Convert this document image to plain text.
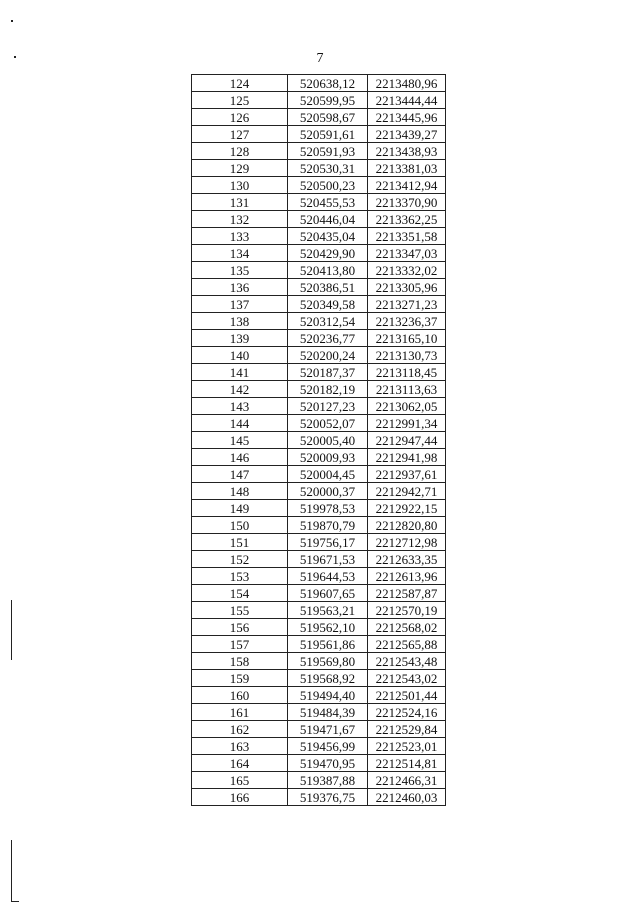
7
124	520638,12	2213480,96
125	520599,95	2213444,44
126	520598,67	2213445,96
127	520591,61	2213439,27
128	520591,93	2213438,93
129	520530,31	2213381,03
130	520500,23	2213412,94
131	520455,53	2213370,90
132	520446,04	2213362,25
133	520435,04	2213351,58
134	520429,90	2213347,03
135	520413,80	2213332,02
136	520386,51	2213305,96
137	520349,58	2213271,23
138	520312,54	2213236,37
139	520236,77	2213165,10
140	520200,24	2213130,73
141	520187,37	2213118,45
142	520182,19	2213113,63
143	520127,23	2213062,05
144	520052,07	2212991,34
145	520005,40	2212947,44
146	520009,93	2212941,98
147	520004,45	2212937,61
148	520000,37	2212942,71
149	519978,53	2212922,15
150	519870,79	2212820,80
151	519756,17	2212712,98
152	519671,53	2212633,35
153	519644,53	2212613,96
154	519607,65	2212587,87
155	519563,21	2212570,19
156	519562,10	2212568,02
157	519561,86	2212565,88
158	519569,80	2212543,48
159	519568,92	2212543,02
160	519494,40	2212501,44
161	519484,39	2212524,16
162	519471,67	2212529,84
163	519456,99	2212523,01
164	519470,95	2212514,81
165	519387,88	2212466,31
166	519376,75	2212460,03
